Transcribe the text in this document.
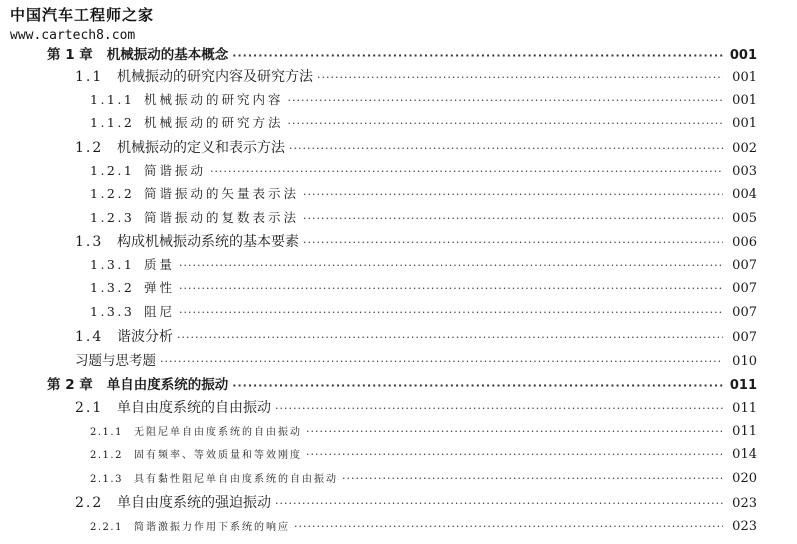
中国汽车工程师之家
www.cartech8.com
第 1 章 机械振动的基本概念 ·····	001
1.1 机械振动的研究内容及研究方法 ·····	001
1.1.1 机械振动的研究内容 ·····	001
1.1.2 机械振动的研究方法 ·····	001
1.2 机械振动的定义和表示方法 ·····	002
1.2.1 简谐振动 ·····	003
1.2.2 简谐振动的矢量表示法 ·····	004
1.2.3 简谐振动的复数表示法 ·····	005
1.3 构成机械振动系统的基本要素 ·····	006
1.3.1 质量 ·····	007
1.3.2 弹性 ·····	007
1.3.3 阻尼 ·····	007
1.4 谐波分析 ·····	007
习题与思考题 ·····	010
第 2 章 单自由度系统的振动 ·····	011
2.1 单自由度系统的自由振动 ·····	011
2.1.1	无阻尼单自由度系统的自由振动 ·····	011
2.1.2	固有频率、等效质量和等效刚度 ·····	014
2.1.3	具有黏性阻尼单自由度系统的自由振动 ·····	020
2.2 单自由度系统的强迫振动 ·····	023
2.2.1	简谐激振力作用下系统的响应 ·····	023
